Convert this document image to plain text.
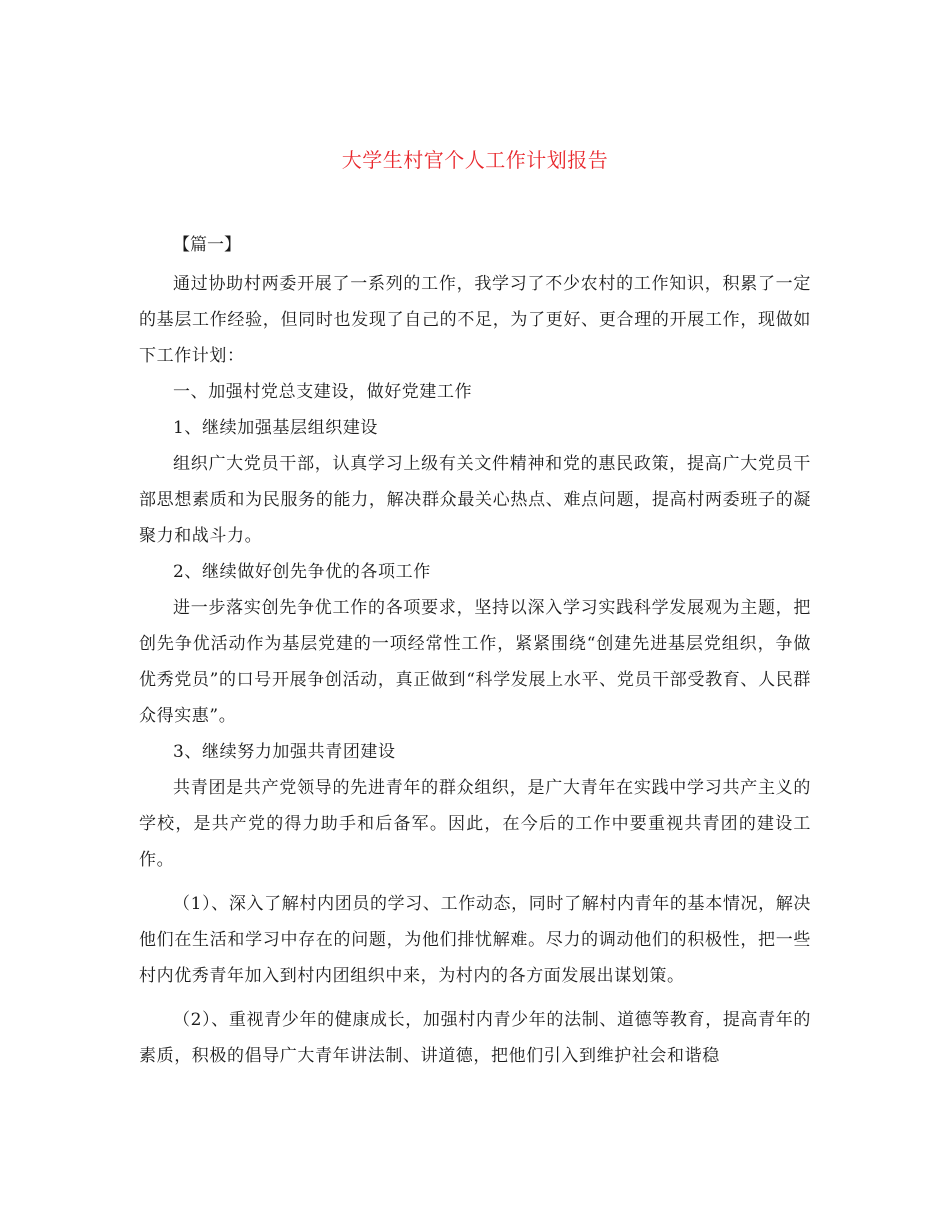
大学生村官个人工作计划报告
【篇一】

通过协助村两委开展了一系列的工作，我学习了不少农村的工作知识，积累了一定的基层工作经验，但同时也发现了自己的不足，为了更好、更合理的开展工作，现做如下工作计划：

一、加强村党总支建设，做好党建工作

1、继续加强基层组织建设

组织广大党员干部，认真学习上级有关文件精神和党的惠民政策，提高广大党员干部思想素质和为民服务的能力，解决群众最关心热点、难点问题，提高村两委班子的凝聚力和战斗力。

2、继续做好创先争优的各项工作

进一步落实创先争优工作的各项要求，坚持以深入学习实践科学发展观为主题，把创先争优活动作为基层党建的一项经常性工作，紧紧围绕“创建先进基层党组织，争做优秀党员”的口号开展争创活动，真正做到“科学发展上水平、党员干部受教育、人民群众得实惠”。

3、继续努力加强共青团建设

共青团是共产党领导的先进青年的群众组织，是广大青年在实践中学习共产主义的学校，是共产党的得力助手和后备军。因此，在今后的工作中要重视共青团的建设工作。

（1）、深入了解村内团员的学习、工作动态，同时了解村内青年的基本情况，解决他们在生活和学习中存在的问题，为他们排忧解难。尽力的调动他们的积极性，把一些村内优秀青年加入到村内团组织中来，为村内的各方面发展出谋划策。

（2）、重视青少年的健康成长，加强村内青少年的法制、道德等教育，提高青年的素质，积极的倡导广大青年讲法制、讲道德，把他们引入到维护社会和谐稳
